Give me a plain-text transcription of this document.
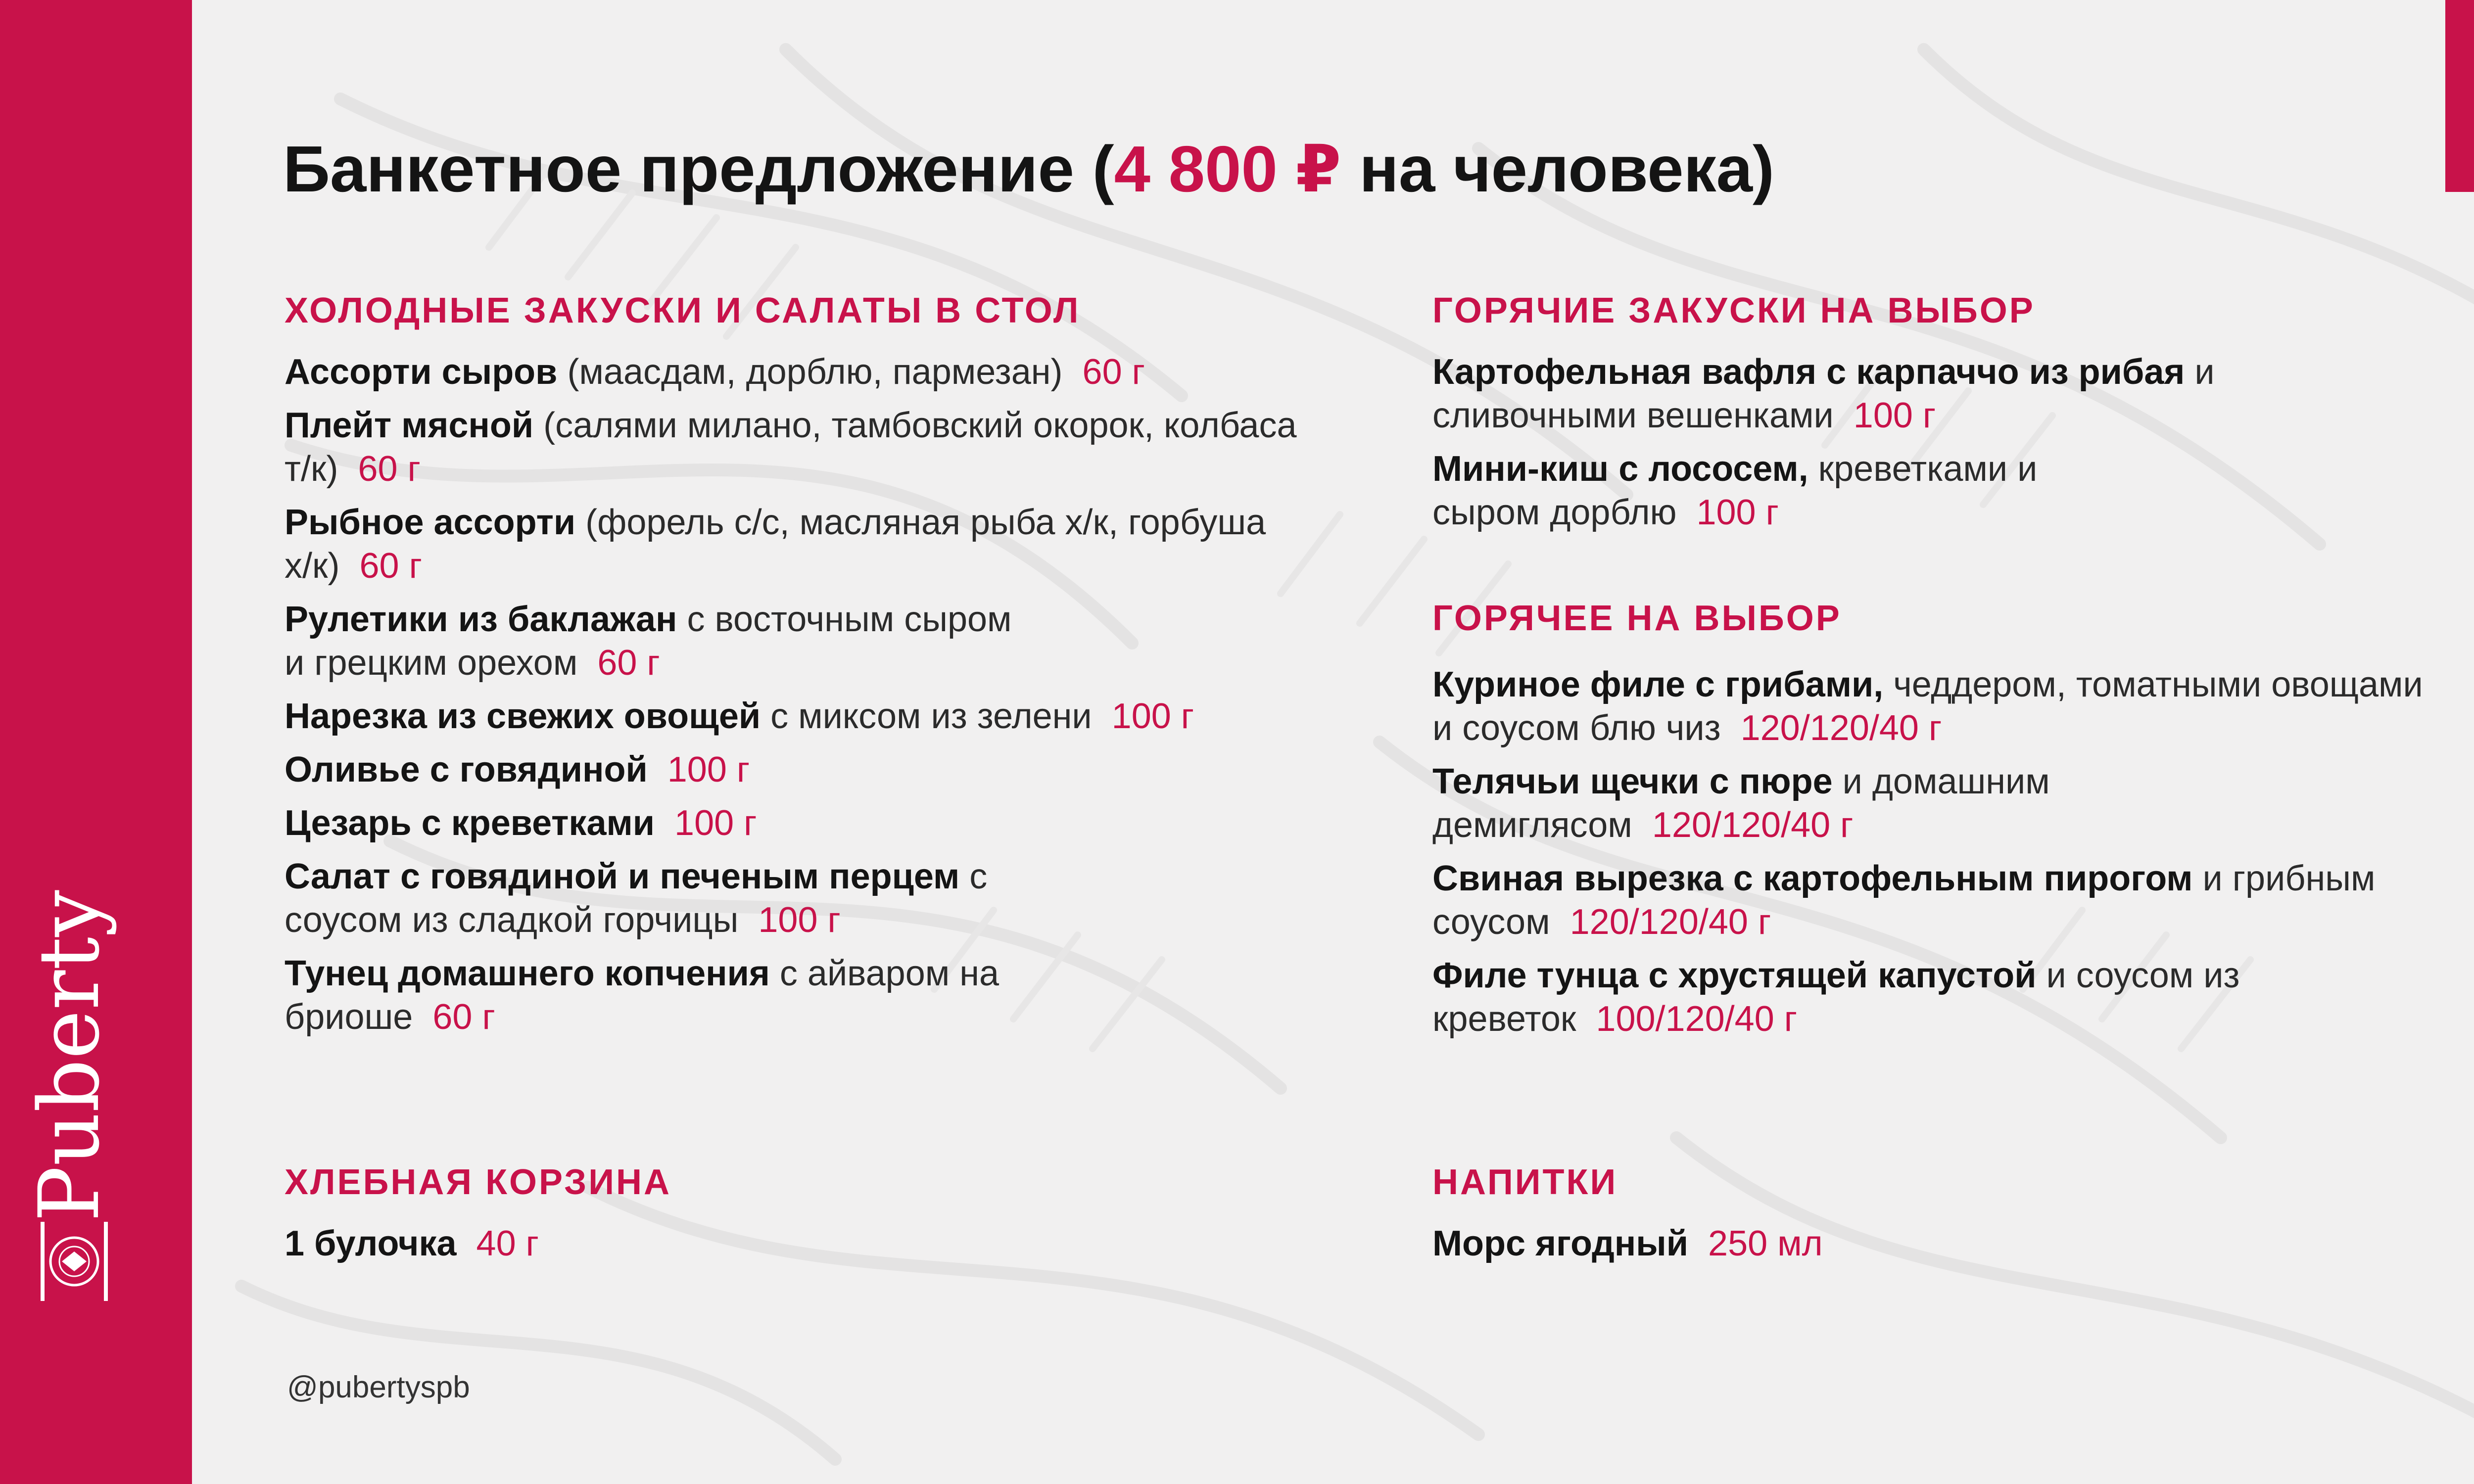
Puberty
Банкетное предложение (4 800 ₽ на человека)
ХОЛОДНЫЕ ЗАКУСКИ И САЛАТЫ В СТОЛ
Ассорти сыров (маасдам, дорблю, пармезан) 60 г
Плейт мясной (салями милано, тамбовский окорок, колбаса т/к) 60 г
Рыбное ассорти (форель с/с, масляная рыба х/к, горбуша х/к) 60 г
Рулетики из баклажан с восточным сыром и грецким орехом 60 г
Нарезка из свежих овощей с миксом из зелени 100 г
Оливье с говядиной 100 г
Цезарь с креветками 100 г
Салат с говядиной и печеным перцем с соусом из сладкой горчицы 100 г
Тунец домашнего копчения с айваром на бриоше 60 г
ГОРЯЧИЕ ЗАКУСКИ НА ВЫБОР
Картофельная вафля с карпаччо из рибая и сливочными вешенками 100 г
Мини-киш с лососем, креветками и сыром дорблю 100 г
ГОРЯЧЕЕ НА ВЫБОР
Куриное филе с грибами, чеддером, томатными овощами и соусом блю чиз 120/120/40 г
Телячьи щечки с пюре и домашним демиглясом 120/120/40 г
Свиная вырезка с картофельным пирогом и грибным соусом 120/120/40 г
Филе тунца с хрустящей капустой и соусом из креветок 100/120/40 г
ХЛЕБНАЯ КОРЗИНА
1 булочка 40 г
НАПИТКИ
Морс ягодный 250 мл
@pubertyspb
